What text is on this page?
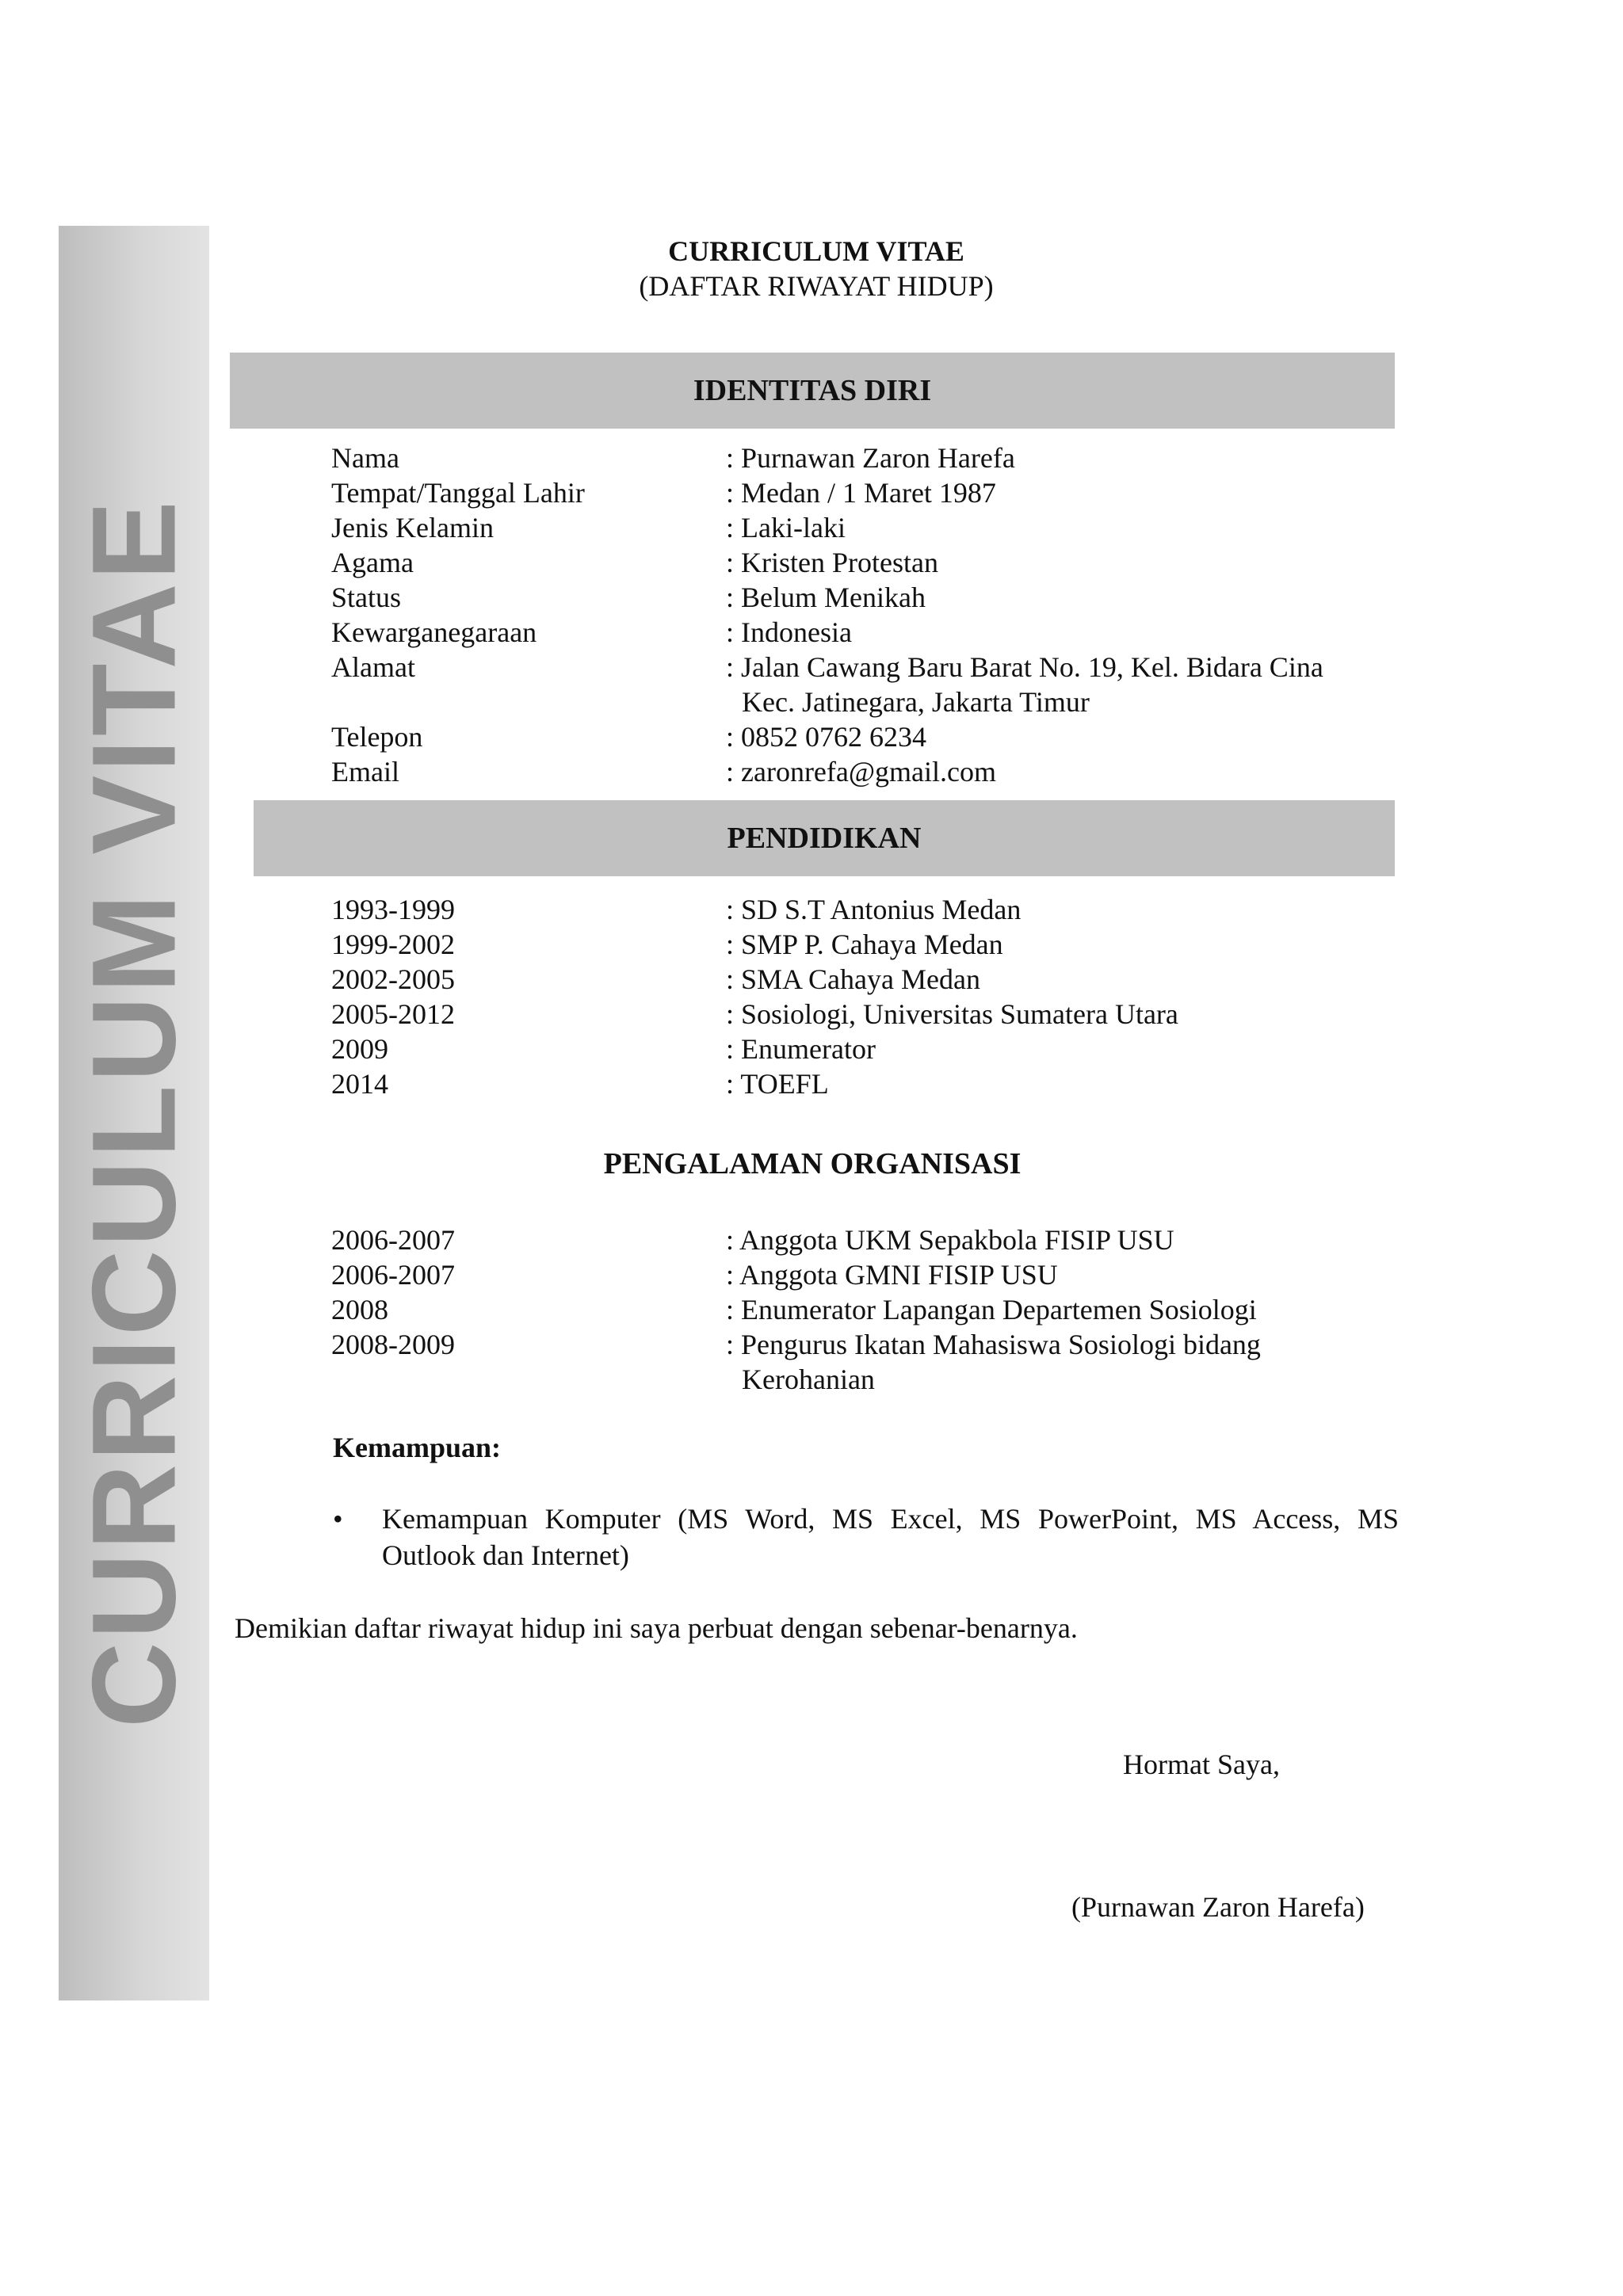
CURRICULUM VITAE
CURRICULUM VITAE
(DAFTAR RIWAYAT HIDUP)
IDENTITAS DIRI
Nama	: Purnawan Zaron Harefa
Tempat/Tanggal Lahir	: Medan / 1 Maret 1987
Jenis Kelamin	: Laki-laki
Agama	: Kristen Protestan
Status	: Belum Menikah
Kewarganegaraan	: Indonesia
Alamat	: Jalan Cawang Baru Barat No. 19, Kel. Bidara Cina
Kec. Jatinegara, Jakarta Timur
Telepon	: 0852 0762 6234
Email	: zaronrefa@gmail.com
PENDIDIKAN
1993-1999	: SD S.T Antonius Medan
1999-2002	: SMP P. Cahaya Medan
2002-2005	: SMA Cahaya Medan
2005-2012	: Sosiologi, Universitas Sumatera Utara
2009	: Enumerator
2014	: TOEFL
PENGALAMAN ORGANISASI
2006-2007	: Anggota UKM Sepakbola FISIP USU
2006-2007	: Anggota GMNI FISIP USU
2008	: Enumerator Lapangan Departemen Sosiologi
2008-2009	: Pengurus Ikatan Mahasiswa Sosiologi bidang
Kerohanian
Kemampuan:
•	Kemampuan Komputer (MS Word, MS Excel, MS PowerPoint, MS Access, MS Outlook dan Internet)
Demikian daftar riwayat hidup ini saya perbuat dengan sebenar-benarnya.
Hormat Saya,
(Purnawan Zaron Harefa)
